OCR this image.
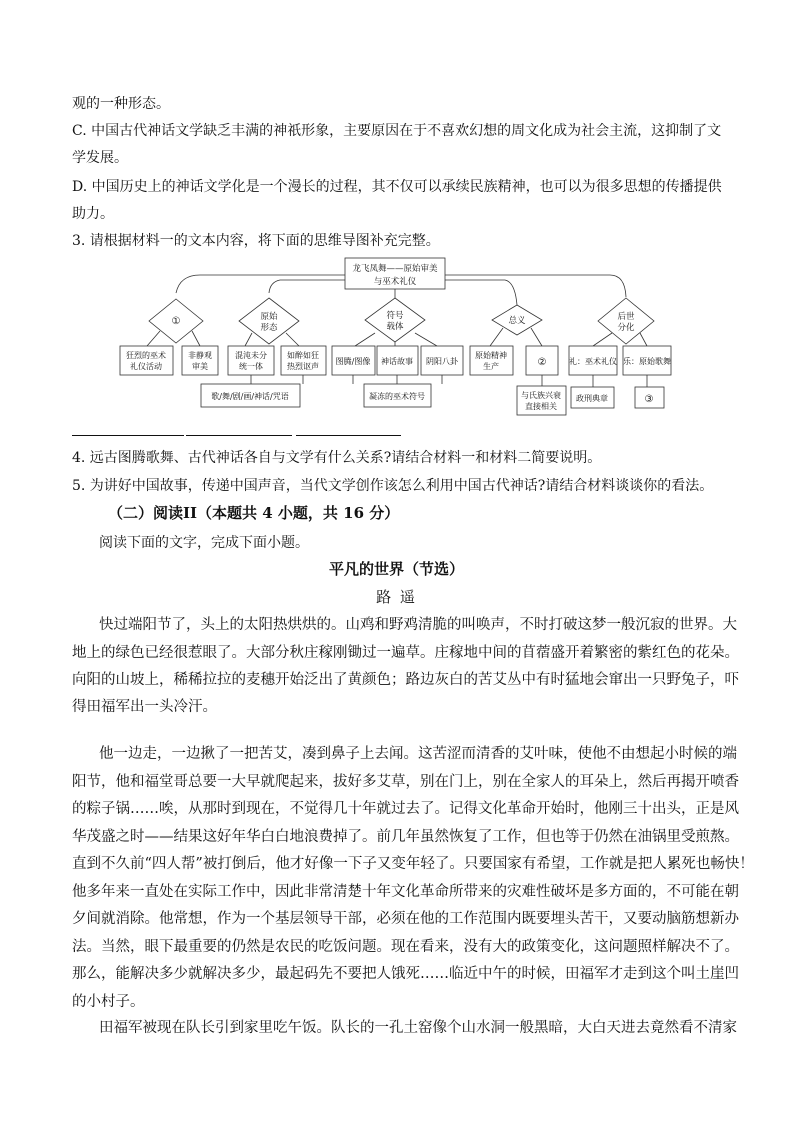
观的一种形态。
C. 中国古代神话文学缺乏丰满的神祇形象，主要原因在于不喜欢幻想的周文化成为社会主流，这抑制了文
学发展。
D. 中国历史上的神话文学化是一个漫长的过程，其不仅可以承续民族精神，也可以为很多思想的传播提供
助力。
3. 请根据材料一的文本内容，将下面的思维导图补充完整。
龙飞凤舞——原始审美
与巫术礼仪
①	原始
形态
符号
载体
总义	后世
分化
狂烈的巫术
礼仪活动
非静观
审美
混沌未分
统一体
如醉如狂
热烈讴声
图腾/图像 神话故事 阴阳八卦
原始精神
生产	②	礼：巫术礼仪 乐：原始歌舞
歌/舞/剧/画/神话/咒语	凝冻的巫术符号	与氏族兴衰
直接相关
政刑典章	③
4. 远古图腾歌舞、古代神话各自与文学有什么关系?请结合材料一和材料二简要说明。
5. 为讲好中国故事，传递中国声音，当代文学创作该怎么利用中国古代神话?请结合材料谈谈你的看法。
（二）阅读II（本题共 4 小题，共 16 分）
阅读下面的文字，完成下面小题。
平凡的世界（节选）
路 遥
快过端阳节了，头上的太阳热烘烘的。山鸡和野鸡清脆的叫唤声，不时打破这梦一般沉寂的世界。大
地上的绿色已经很惹眼了。大部分秋庄稼刚锄过一遍草。庄稼地中间的苜蓿盛开着繁密的紫红色的花朵。
向阳的山坡上，稀稀拉拉的麦穗开始泛出了黄颜色；路边灰白的苦艾丛中有时猛地会窜出一只野兔子，吓
得田福军出一头冷汗。
他一边走，一边揪了一把苦艾，凑到鼻子上去闻。这苦涩而清香的艾叶味，使他不由想起小时候的端
阳节，他和福堂哥总要一大早就爬起来，拔好多艾草，别在门上，别在全家人的耳朵上，然后再揭开喷香
的粽子锅……唉，从那时到现在，不觉得几十年就过去了。记得文化革命开始时，他刚三十出头，正是风
华茂盛之时——结果这好年华白白地浪费掉了。前几年虽然恢复了工作，但也等于仍然在油锅里受煎熬。
直到不久前“四人帮”被打倒后，他才好像一下子又变年轻了。只要国家有希望，工作就是把人累死也畅快！
他多年来一直处在实际工作中，因此非常清楚十年文化革命所带来的灾难性破坏是多方面的，不可能在朝
夕间就消除。他常想，作为一个基层领导干部，必须在他的工作范围内既要埋头苦干，又要动脑筋想新办
法。当然，眼下最重要的仍然是农民的吃饭问题。现在看来，没有大的政策变化，这问题照样解决不了。
那么，能解决多少就解决多少，最起码先不要把人饿死……临近中午的时候，田福军才走到这个叫土崖凹
的小村子。
田福军被现在队长引到家里吃午饭。队长的一孔土窑像个山水洞一般黑暗，大白天进去竟然看不清家
